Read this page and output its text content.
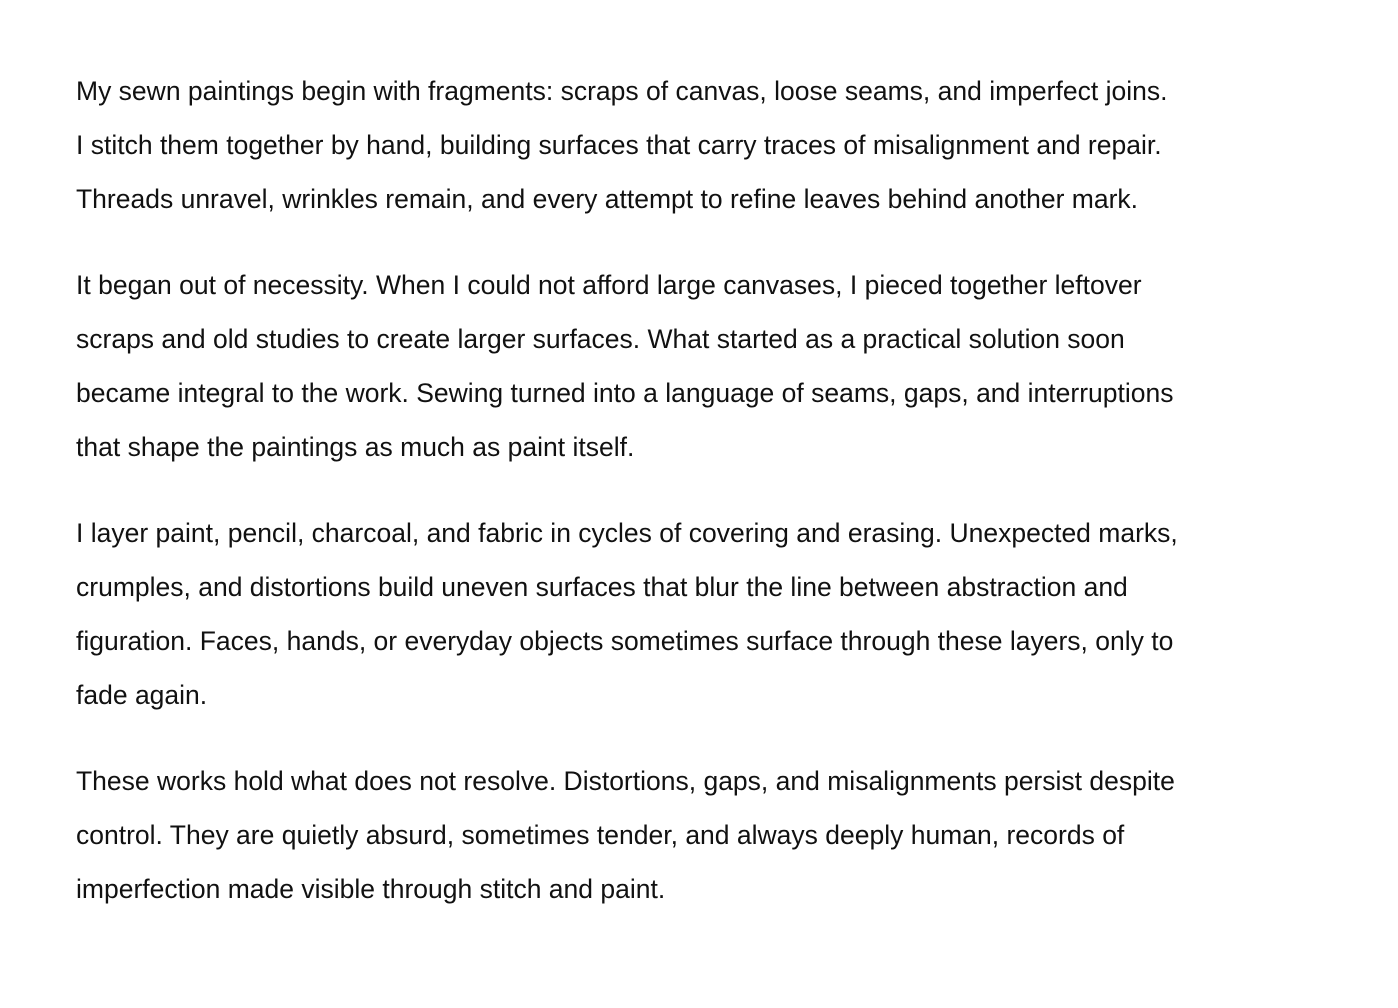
My sewn paintings begin with fragments: scraps of canvas, loose seams, and imperfect joins.
I stitch them together by hand, building surfaces that carry traces of misalignment and repair.
Threads unravel, wrinkles remain, and every attempt to refine leaves behind another mark.

It began out of necessity. When I could not afford large canvases, I pieced together leftover
scraps and old studies to create larger surfaces. What started as a practical solution soon
became integral to the work. Sewing turned into a language of seams, gaps, and interruptions
that shape the paintings as much as paint itself.

I layer paint, pencil, charcoal, and fabric in cycles of covering and erasing. Unexpected marks,
crumples, and distortions build uneven surfaces that blur the line between abstraction and
figuration. Faces, hands, or everyday objects sometimes surface through these layers, only to
fade again.

These works hold what does not resolve. Distortions, gaps, and misalignments persist despite
control. They are quietly absurd, sometimes tender, and always deeply human, records of
imperfection made visible through stitch and paint.
